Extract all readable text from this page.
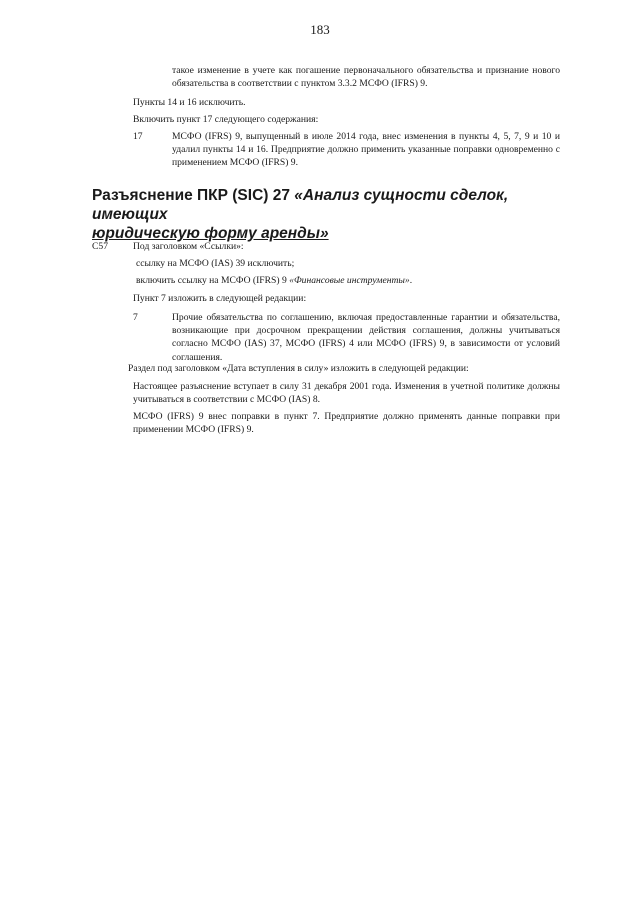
183

такое изменение в учете как погашение первоначального обязательства и признание нового обязательства в соответствии с пунктом 3.3.2 МСФО (IFRS) 9.

Пункты 14 и 16 исключить.

Включить пункт 17 следующего содержания:

17	МСФО (IFRS) 9, выпущенный в июле 2014 года, внес изменения в пункты 4, 5, 7, 9 и 10 и удалил пункты 14 и 16. Предприятие должно применить указанные поправки одновременно с применением МСФО (IFRS) 9.

Разъяснение ПКР (SIC) 27 «Анализ сущности сделок, имеющих
юридическую форму аренды»
C57	Под заголовком «Ссылки»:

ссылку на МСФО (IAS) 39 исключить;

включить ссылку на МСФО (IFRS) 9 «Финансовые инструменты».

Пункт 7 изложить в следующей редакции:

7	Прочие обязательства по соглашению, включая предоставленные гарантии и обязательства, возникающие при досрочном прекращении действия соглашения, должны учитываться согласно МСФО (IAS) 37, МСФО (IFRS) 4 или МСФО (IFRS) 9, в зависимости от условий соглашения.

Раздел под заголовком «Дата вступления в силу» изложить в следующей редакции:

Настоящее разъяснение вступает в силу 31 декабря 2001 года. Изменения в учетной политике должны учитываться в соответствии с МСФО (IAS) 8.

МСФО (IFRS) 9 внес поправки в пункт 7. Предприятие должно применять данные поправки при применении МСФО (IFRS) 9.
